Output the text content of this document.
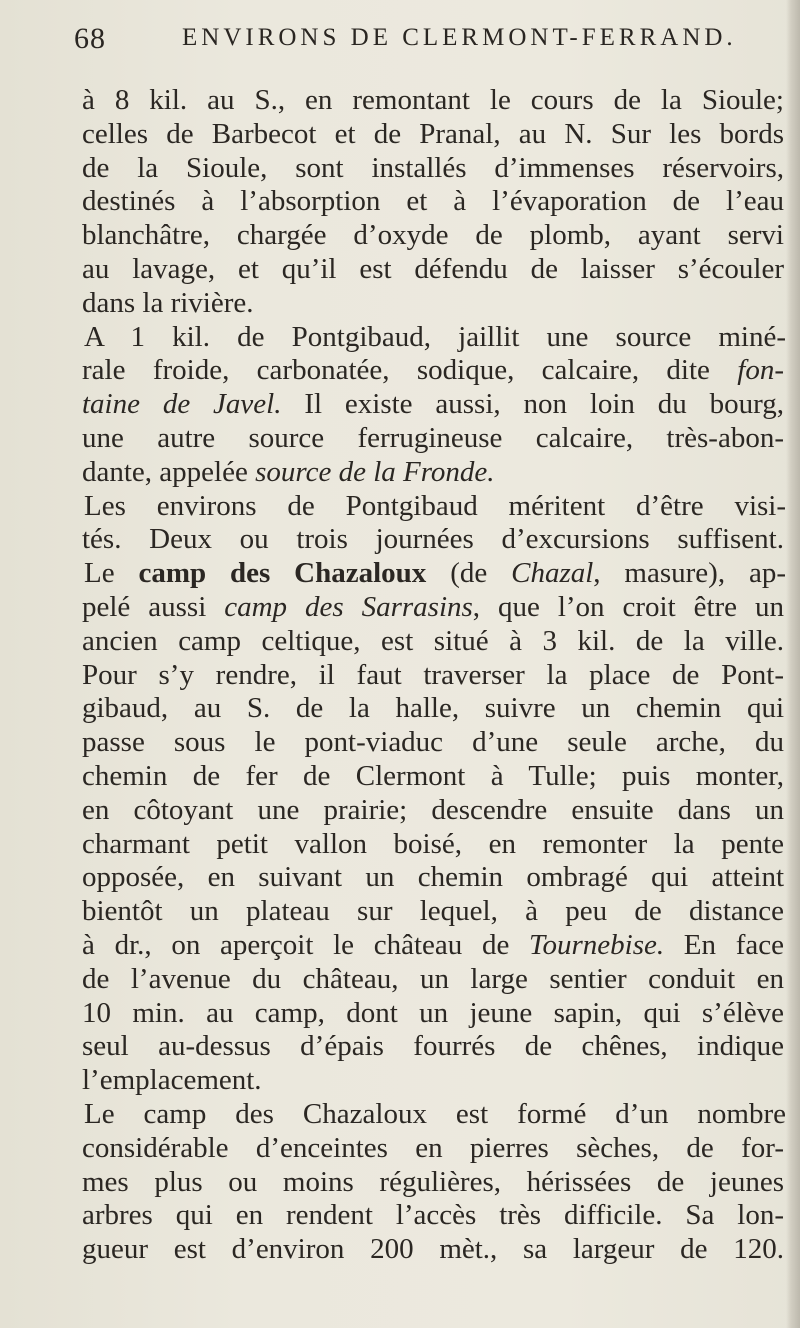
68	ENVIRONS DE CLERMONT-FERRAND.
à 8 kil. au S., en remontant le cours de la Sioule;
celles de Barbecot et de Pranal, au N. Sur les bords
de la Sioule, sont installés d’immenses réservoirs,
destinés à l’absorption et à l’évaporation de l’eau
blanchâtre, chargée d’oxyde de plomb, ayant servi
au lavage, et qu’il est défendu de laisser s’écouler
dans la rivière.
A 1 kil. de Pontgibaud, jaillit une source miné-
rale froide, carbonatée, sodique, calcaire, dite fon-
taine de Javel. Il existe aussi, non loin du bourg,
une autre source ferrugineuse calcaire, très-abon-
dante, appelée source de la Fronde.
Les environs de Pontgibaud méritent d’être visi-
tés. Deux ou trois journées d’excursions suffisent.
Le camp des Chazaloux (de Chazal, masure), ap-
pelé aussi camp des Sarrasins, que l’on croit être un
ancien camp celtique, est situé à 3 kil. de la ville.
Pour s’y rendre, il faut traverser la place de Pont-
gibaud, au S. de la halle, suivre un chemin qui
passe sous le pont-viaduc d’une seule arche, du
chemin de fer de Clermont à Tulle; puis monter,
en côtoyant une prairie; descendre ensuite dans un
charmant petit vallon boisé, en remonter la pente
opposée, en suivant un chemin ombragé qui atteint
bientôt un plateau sur lequel, à peu de distance
à dr., on aperçoit le château de Tournebise. En face
de l’avenue du château, un large sentier conduit en
10 min. au camp, dont un jeune sapin, qui s’élève
seul au-dessus d’épais fourrés de chênes, indique
l’emplacement.
Le camp des Chazaloux est formé d’un nombre
considérable d’enceintes en pierres sèches, de for-
mes plus ou moins régulières, hérissées de jeunes
arbres qui en rendent l’accès très difficile. Sa lon-
gueur est d’environ 200 mèt., sa largeur de 120.
